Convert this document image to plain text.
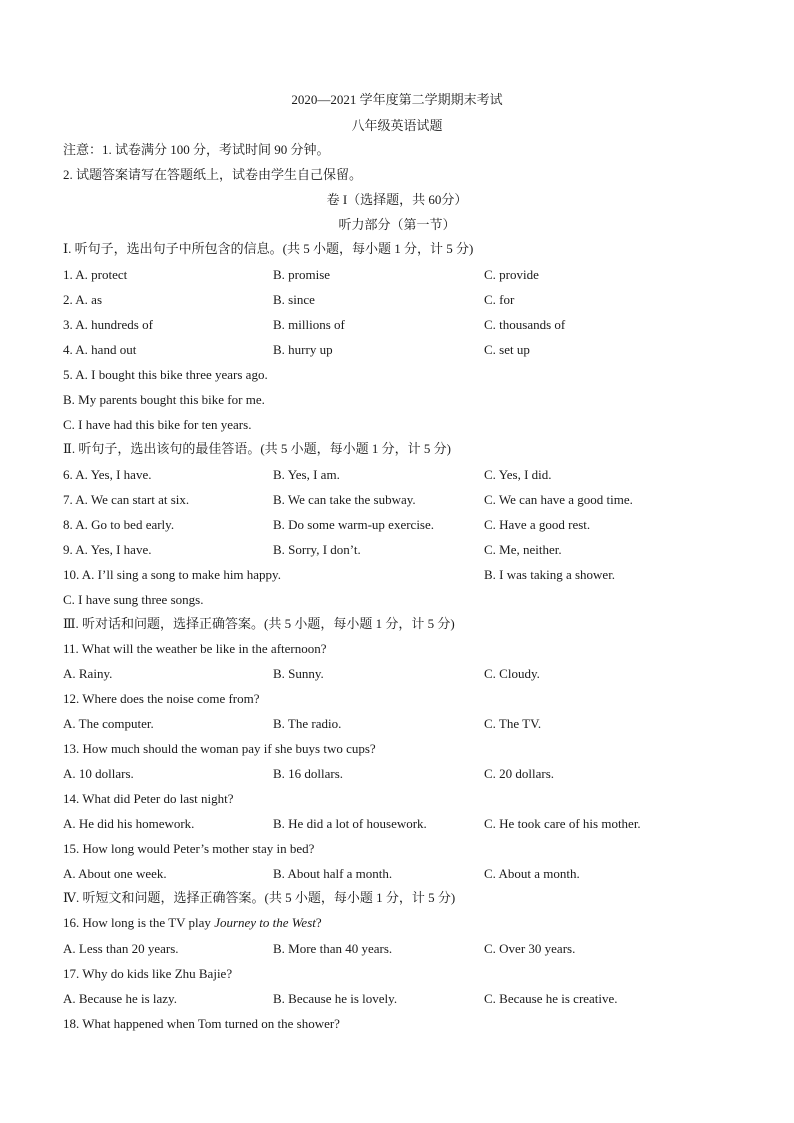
2020—2021 学年度第二学期期末考试
八年级英语试题
注意：1. 试卷满分 100 分，考试时间 90 分钟。
2. 试题答案请写在答题纸上，试卷由学生自己保留。
卷 I（选择题，共 60分）
听力部分（第一节）
Ⅰ. 听句子，选出句子中所包含的信息。(共 5 小题，每小题 1 分，计 5 分)
1. A. protect	B. promise	C. provide
2. A. as	B. since	C. for
3. A. hundreds of	B. millions of	C. thousands of
4. A. hand out	B. hurry up	C. set up
5. A. I bought this bike three years ago.
B. My parents bought this bike for me.
C. I have had this bike for ten years.
Ⅱ. 听句子，选出该句的最佳答语。(共 5 小题，每小题 1 分，计 5 分)
6. A. Yes, I have.	B. Yes, I am.	C. Yes, I did.
7. A. We can start at six.	B. We can take the subway.	C. We can have a good time.
8. A. Go to bed early.	B. Do some warm-up exercise.	C. Have a good rest.
9. A. Yes, I have.	B. Sorry, I don’t.	C. Me, neither.
10. A. I’ll sing a song to make him happy.	B. I was taking a shower.
C. I have sung three songs.
Ⅲ. 听对话和问题，选择正确答案。(共 5 小题，每小题 1 分，计 5 分)
11. What will the weather be like in the afternoon?
A. Rainy.	B. Sunny.	C. Cloudy.
12. Where does the noise come from?
A. The computer.	B. The radio.	C. The TV.
13. How much should the woman pay if she buys two cups?
A. 10 dollars.	B. 16 dollars.	C. 20 dollars.
14. What did Peter do last night?
A. He did his homework.	B. He did a lot of housework.	C. He took care of his mother.
15. How long would Peter’s mother stay in bed?
A. About one week.	B. About half a month.	C. About a month.
Ⅳ. 听短文和问题，选择正确答案。(共 5 小题，每小题 1 分，计 5 分)
16. How long is the TV play Journey to the West?
A. Less than 20 years.	B. More than 40 years.	C. Over 30 years.
17. Why do kids like Zhu Bajie?
A. Because he is lazy.	B. Because he is lovely.	C. Because he is creative.
18. What happened when Tom turned on the shower?
